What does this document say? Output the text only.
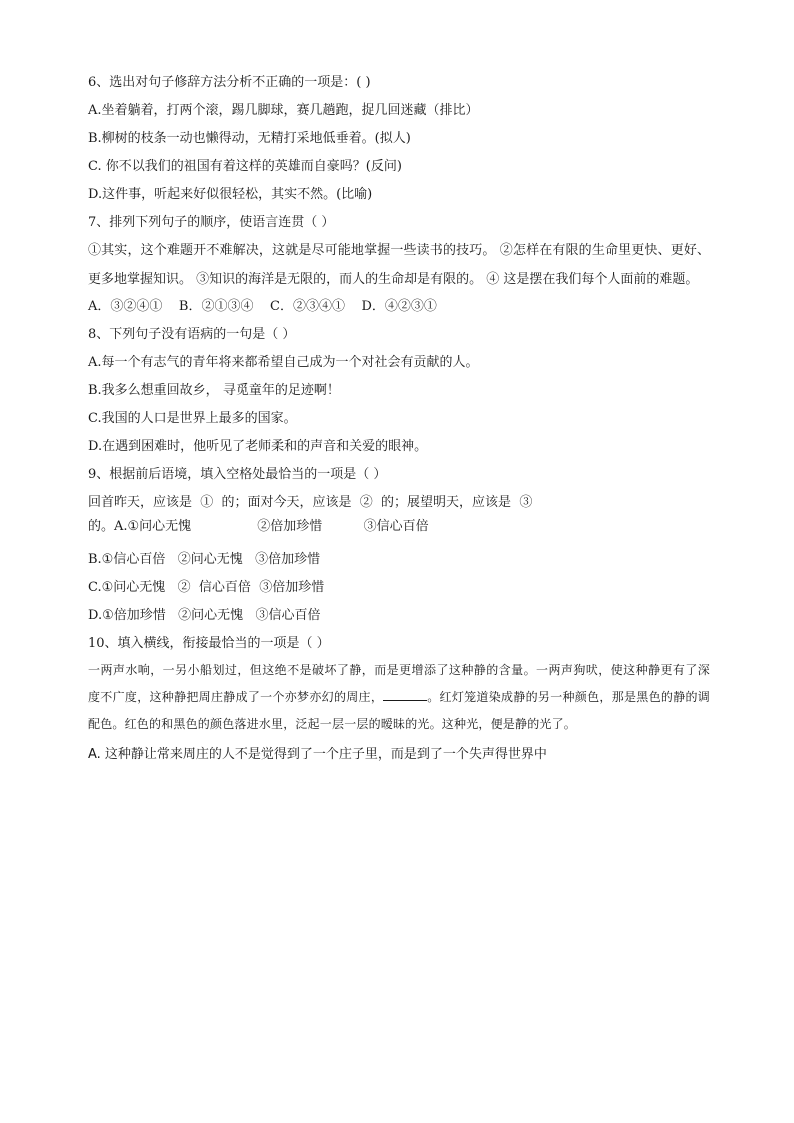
6、选出对句子修辞方法分析不正确的一项是：( )
A.坐着躺着，打两个滚，踢几脚球，赛几趟跑，捉几回迷藏（排比）
B.柳树的枝条一动也懒得动，无精打采地低垂着。(拟人)
C. 你不以我们的祖国有着这样的英雄而自豪吗？(反问)
D.这件事，听起来好似很轻松，其实不然。(比喻)
7、排列下列句子的顺序，使语言连贯（ ）
①其实，这个难题开不难解决，这就是尽可能地掌握一些读书的技巧。 ②怎样在有限的生命里更快、更好、更多地掌握知识。 ③知识的海洋是无限的，而人的生命却是有限的。 ④ 这是摆在我们每个人面前的难题。
A．③②④①    B．②①③④    C．②③④①    D．④②③①
8、下列句子没有语病的一句是（ ）
A.每一个有志气的青年将来都希望自己成为一个对社会有贡献的人。
B.我多么想重回故乡， 寻觅童年的足迹啊！
C.我国的人口是世界上最多的国家。
D.在遇到困难时，他听见了老师柔和的声音和关爱的眼神。
9、根据前后语境，填入空格处最恰当的一项是（ ）
回首昨天，应该是  ①  的；面对今天，应该是  ②  的；展望明天，应该是  ③
的。A.①问心无愧                ②倍加珍惜          ③信心百倍
B.①信心百倍   ②问心无愧   ③倍加珍惜
C.①问心无愧   ②  信心百倍  ③倍加珍惜
D.①倍加珍惜   ②问心无愧   ③信心百倍
10、填入横线，衔接最恰当的一项是（ ）
一两声水响，一另小船划过，但这绝不是破坏了静，而是更增添了这种静的含量。一两声狗吠，使这种静更有了深度不广度，这种静把周庄静成了一个亦梦亦幻的周庄，	。红灯笼道染成静的另一种颜色，那是黑色的静的调配色。红色的和黑色的颜色落进水里，泛起一层一层的暧昧的光。这种光，便是静的光了。
A. 这种静让常来周庄的人不是觉得到了一个庄子里，而是到了一个失声得世界中
